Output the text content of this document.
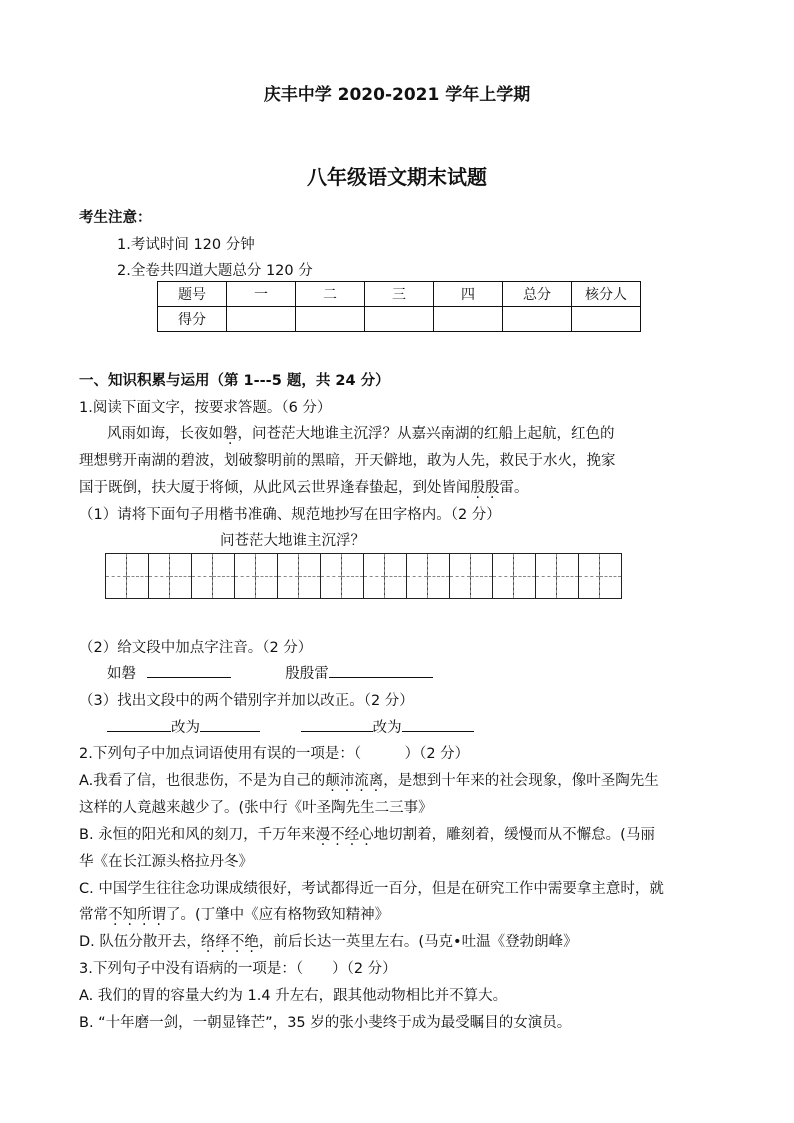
庆丰中学 2020-2021 学年上学期
八年级语文期末试题
考生注意：
1.考试时间 120 分钟
2.全卷共四道大题总分 120 分
题号	一	二	三	四	总分	核分人
得分						
一、知识积累与运用（第 1---5 题，共 24 分）
1.阅读下面文字，按要求答题。（6 分）
风雨如诲，长夜如磐，问苍茫大地谁主沉浮？从嘉兴南湖的红船上起航，红色的
理想劈开南湖的碧波，划破黎明前的黑暗，开天僻地，敢为人先，救民于水火，挽家
国于既倒，扶大厦于将倾，从此风云世界逢春蛰起，到处皆闻殷殷雷。
（1）请将下面句子用楷书准确、规范地抄写在田字格内。（2 分）
问苍茫大地谁主沉浮？
（2）给文段中加点字注音。（2 分）
如磐	殷殷雷
（3）找出文段中的两个错别字并加以改正。（2 分）
改为	改为
2.下列句子中加点词语使用有误的一项是：（　　　）（2 分）
A.我看了信，也很悲伤，不是为自己的颠沛流离，是想到十年来的社会现象，像叶圣陶先生
这样的人竟越来越少了。(张中行《叶圣陶先生二三事》
B. 永恒的阳光和风的刻刀，千万年来漫不经心地切割着，雕刻着，缓慢而从不懈怠。(马丽
华《在长江源头格拉丹冬》
C. 中国学生往往念功课成绩很好，考试都得近一百分，但是在研究工作中需要拿主意时，就
常常不知所谓了。(丁肇中《应有格物致知精神》
D. 队伍分散开去，络绎不绝，前后长达一英里左右。(马克•吐温《登勃朗峰》
3.下列句子中没有语病的一项是：（　　）（2 分）
A. 我们的胃的容量大约为 1.4 升左右，跟其他动物相比并不算大。
B. “十年磨一剑，一朝显锋芒”，35 岁的张小斐终于成为最受瞩目的女演员。
